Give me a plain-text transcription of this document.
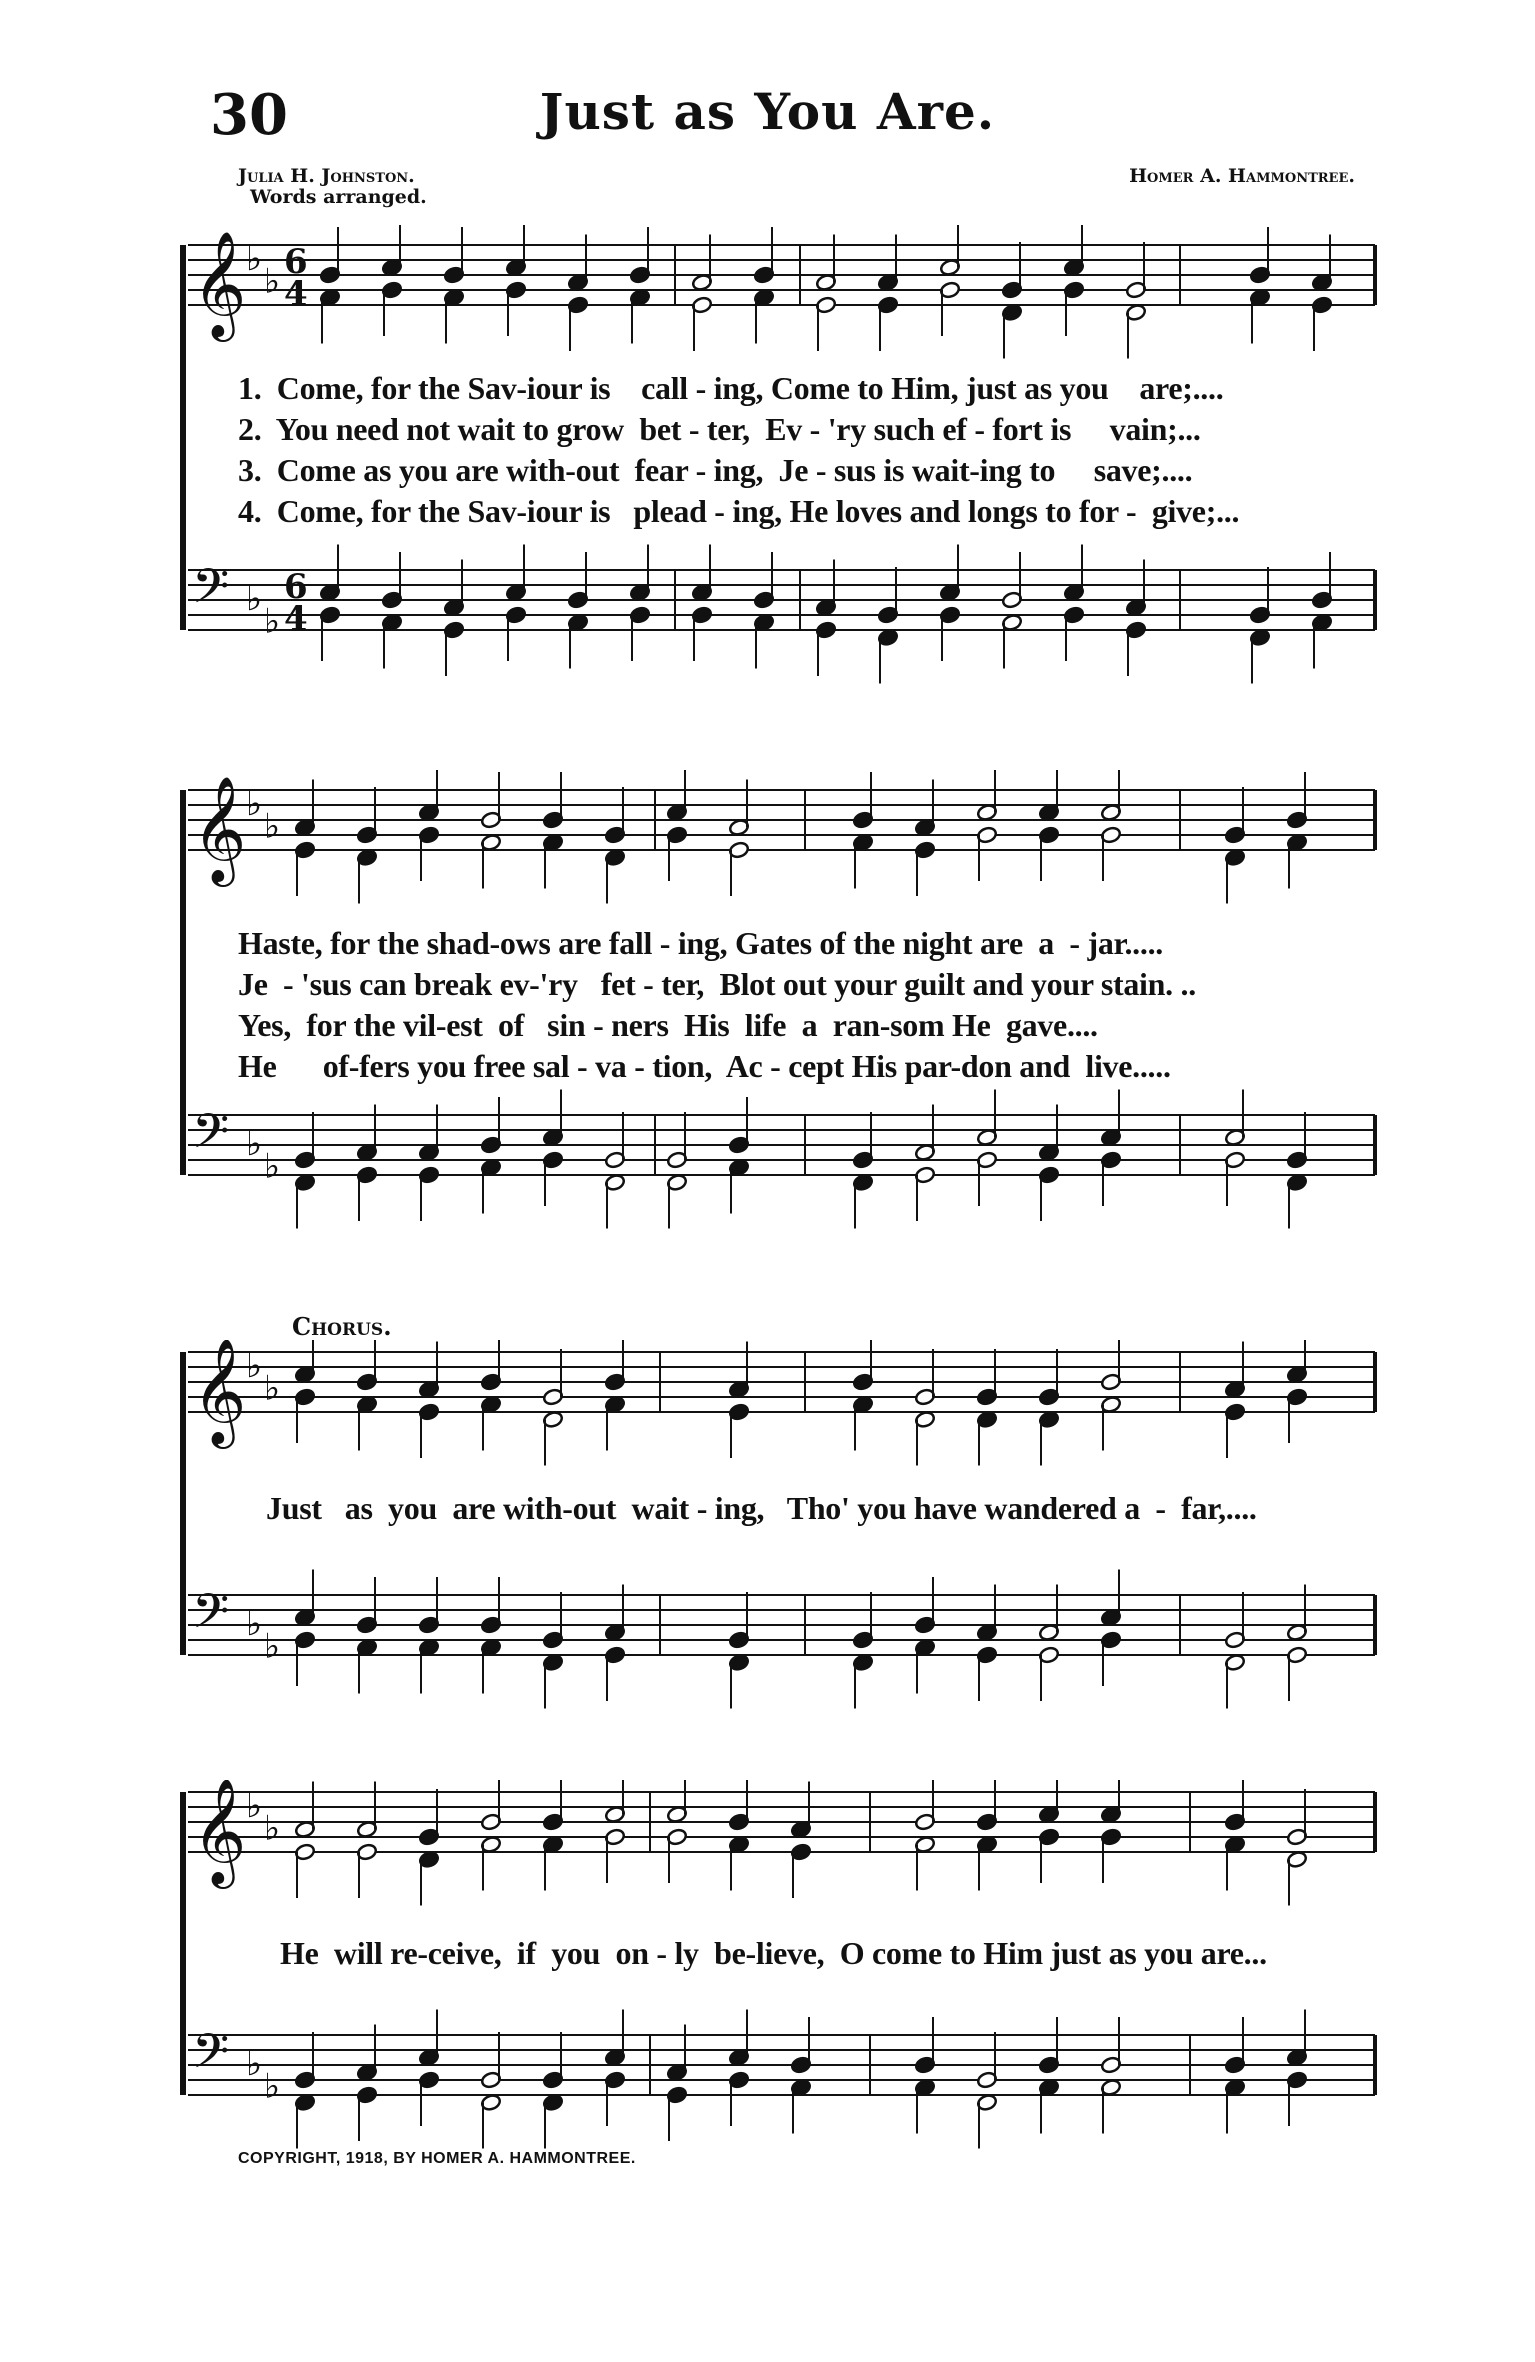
30	Just as You Are.
Julia H. Johnston.
Words arranged.
Homer A. Hammontree.
𝄞 ♭
♭ 6
4
𝄢 ♭
♭
6
4
1.  Come, for the Sav-iour is    call - ing, Come to Him, just as you    are;....
2.  You need not wait to grow  bet - ter,  Ev - 'ry such ef - fort is     vain;...
3.  Come as you are with-out  fear - ing,  Je - sus is wait-ing to     save;....
4.  Come, for the Sav-iour is   plead - ing, He loves and longs to for -  give;...
𝄞 ♭
♭
𝄢 ♭
♭
Haste, for the shad-ows are fall - ing, Gates of the night are  a  - jar.....
Je  - 'sus can break ev-'ry   fet - ter,  Blot out your guilt and your stain. ..
Yes,  for the vil-est  of   sin - ners  His  life  a  ran-som He  gave....
He      of-fers you free sal - va - tion,  Ac - cept His par-don and  live.....
Chorus.
𝄞 ♭
♭
𝄢 ♭
♭
Just   as  you  are with-out  wait - ing,   Tho' you have wandered a  -  far,....
𝄞 ♭
♭
𝄢 ♭
♭
He  will re-ceive,  if  you  on - ly  be-lieve,  O come to Him just as you are...
COPYRIGHT, 1918, BY HOMER A. HAMMONTREE.
